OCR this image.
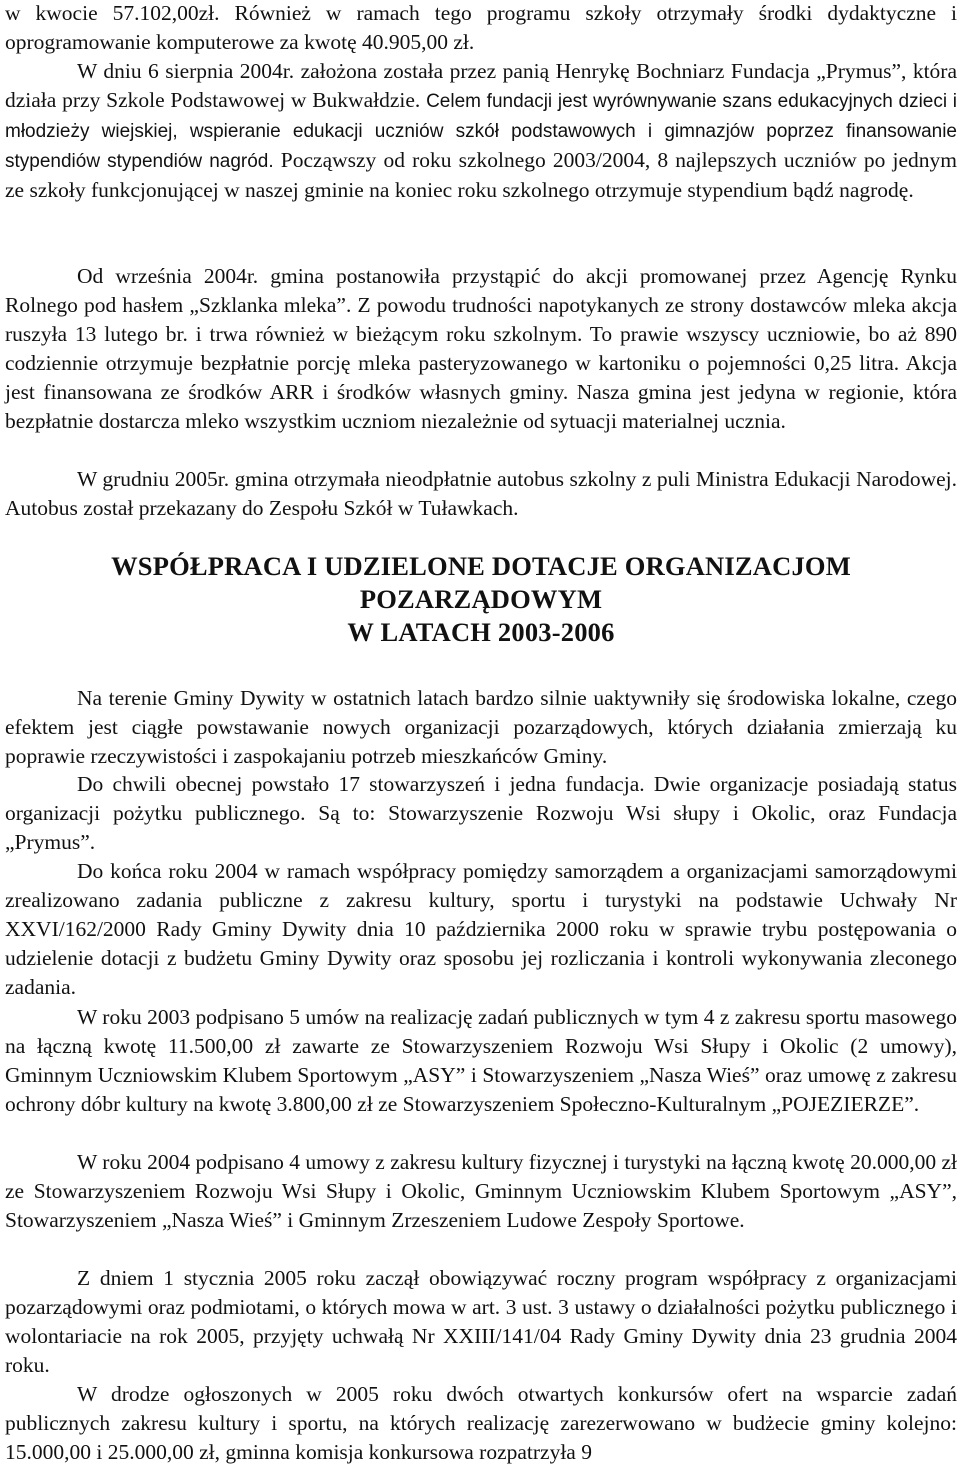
w kwocie 57.102,00zł. Również w ramach tego programu szkoły otrzymały środki dydaktyczne i oprogramowanie komputerowe za kwotę 40.905,00 zł.

W dniu 6 sierpnia 2004r. założona została przez panią Henrykę Bochniarz Fundacja „Prymus”, która działa przy Szkole Podstawowej w Bukwałdzie. Celem fundacji jest wyrównywanie szans edukacyjnych dzieci i młodzieży wiejskiej, wspieranie edukacji uczniów szkół podstawowych i gimnazjów poprzez finansowanie stypendiów stypendiów nagród. Począwszy od roku szkolnego 2003/2004, 8 najlepszych uczniów po jednym ze szkoły funkcjonującej w naszej gminie na koniec roku szkolnego otrzymuje stypendium bądź nagrodę.

Od września 2004r. gmina postanowiła przystąpić do akcji promowanej przez Agencję Rynku Rolnego pod hasłem „Szklanka mleka”. Z powodu trudności napotykanych ze strony dostawców mleka akcja ruszyła 13 lutego br. i trwa również w bieżącym roku szkolnym. To prawie wszyscy uczniowie, bo aż 890 codziennie otrzymuje bezpłatnie porcję mleka pasteryzowanego w kartoniku o pojemności 0,25 litra. Akcja jest finansowana ze środków ARR i środków własnych gminy. Nasza gmina jest jedyna w regionie, która bezpłatnie dostarcza mleko wszystkim uczniom niezależnie od sytuacji materialnej ucznia.

W grudniu 2005r. gmina otrzymała nieodpłatnie autobus szkolny z puli Ministra Edukacji Narodowej. Autobus został przekazany do Zespołu Szkół w Tuławkach.

WSPÓŁPRACA I UDZIELONE DOTACJE ORGANIZACJOM
POZARZĄDOWYM
W LATACH 2003-2006

Na terenie Gminy Dywity w ostatnich latach bardzo silnie uaktywniły się środowiska lokalne, czego efektem jest ciągłe powstawanie nowych organizacji pozarządowych, których działania zmierzają ku poprawie rzeczywistości i zaspokajaniu potrzeb mieszkańców Gminy.

Do chwili obecnej powstało 17 stowarzyszeń i jedna fundacja. Dwie organizacje posiadają status organizacji pożytku publicznego. Są to: Stowarzyszenie Rozwoju Wsi słupy i Okolic, oraz Fundacja „Prymus”.

Do końca roku 2004 w ramach współpracy pomiędzy samorządem a organizacjami samorządowymi zrealizowano zadania publiczne z zakresu kultury, sportu i turystyki na podstawie Uchwały Nr XXVI/162/2000 Rady Gminy Dywity dnia 10 października 2000 roku w sprawie trybu postępowania o udzielenie dotacji z budżetu Gminy Dywity oraz sposobu jej rozliczania i kontroli wykonywania zleconego zadania.

W roku 2003 podpisano 5 umów na realizację zadań publicznych w tym 4 z zakresu sportu masowego na łączną kwotę 11.500,00 zł zawarte ze Stowarzyszeniem Rozwoju Wsi Słupy i Okolic (2 umowy), Gminnym Uczniowskim Klubem Sportowym „ASY” i Stowarzyszeniem „Nasza Wieś” oraz umowę z zakresu ochrony dóbr kultury na kwotę 3.800,00 zł ze Stowarzyszeniem Społeczno-Kulturalnym „POJEZIERZE”.

W roku 2004 podpisano 4 umowy z zakresu kultury fizycznej i turystyki na łączną kwotę 20.000,00 zł ze Stowarzyszeniem Rozwoju Wsi Słupy i Okolic, Gminnym Uczniowskim Klubem Sportowym „ASY”, Stowarzyszeniem „Nasza Wieś” i Gminnym Zrzeszeniem Ludowe Zespoły Sportowe.

Z dniem 1 stycznia 2005 roku zaczął obowiązywać roczny program współpracy z organizacjami pozarządowymi oraz podmiotami, o których mowa w art. 3 ust. 3 ustawy o działalności pożytku publicznego i wolontariacie na rok 2005, przyjęty uchwałą Nr XXIII/141/04 Rady Gminy Dywity dnia 23 grudnia 2004 roku.

W drodze ogłoszonych w 2005 roku dwóch otwartych konkursów ofert na wsparcie zadań publicznych zakresu kultury i sportu, na których realizację zarezerwowano w budżecie gminy kolejno: 15.000,00 i 25.000,00 zł, gminna komisja konkursowa rozpatrzyła 9
